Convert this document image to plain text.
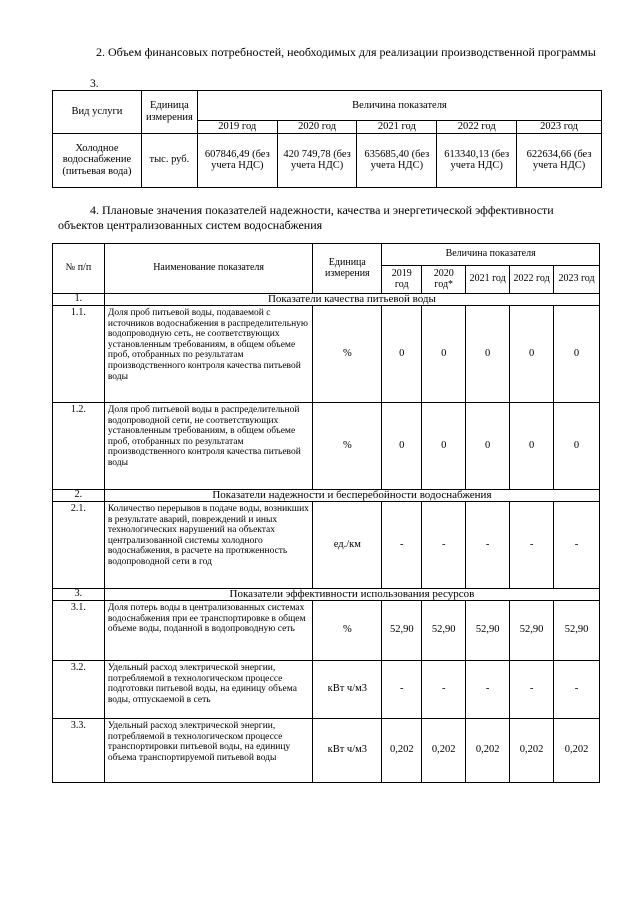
2. Объем финансовых потребностей, необходимых для реализации производственной программы
3.
Вид услуги	Единица измерения	Величина показателя				
		2019 год	2020 год	2021 год	2022 год	2023 год
Холодное водоснабжение (питьевая вода)	тыс. руб.	607846,49 (без учета НДС)	420 749,78 (без учета НДС)	635685,40 (без учета НДС)	613340,13 (без учета НДС)	622634,66 (без учета НДС)
4. Плановые значения показателей надежности, качества и энергетической эффективности объектов централизованных систем водоснабжения
№ п/п	Наименование показателя	Единица измерения	Величина показателя				
			2019 год	2020 год*	2021 год	2022 год	2023 год
1.	Показатели качества питьевой воды						
1.1.	Доля проб питьевой воды, подаваемой с источников водоснабжения в распределительную водопроводную сеть, не соответствующих установленным требованиям, в общем объеме проб, отобранных по результатам производственного контроля качества питьевой воды	%	0	0	0	0	0
1.2.	Доля проб питьевой воды в распределительной водопроводной сети, не соответствующих установленным требованиям, в общем объеме проб, отобранных по результатам производственного контроля качества питьевой воды	%	0	0	0	0	0
2.	Показатели надежности и бесперебойности водоснабжения						
2.1.	Количество перерывов в подаче воды, возникших в результате аварий, повреждений и иных технологических нарушений на объектах централизованной системы холодного водоснабжения, в расчете на протяженность водопроводной сети в год	ед./км	-	-	-	-	-
3.	Показатели эффективности использования ресурсов						
3.1.	Доля потерь воды в централизованных системах водоснабжения при ее транспортировке в общем объеме воды, поданной в водопроводную сеть	%	52,90	52,90	52,90	52,90	52,90
3.2.	Удельный расход электрической энергии, потребляемой в технологическом процессе подготовки питьевой воды, на единицу объема воды, отпускаемой в сеть	кВт ч/м3	-	-	-	-	-
3.3.	Удельный расход электрической энергии, потребляемой в технологическом процессе транспортировки питьевой воды, на единицу объема транспортируемой питьевой воды	кВт ч/м3	0,202	0,202	0,202	0,202	0,202
